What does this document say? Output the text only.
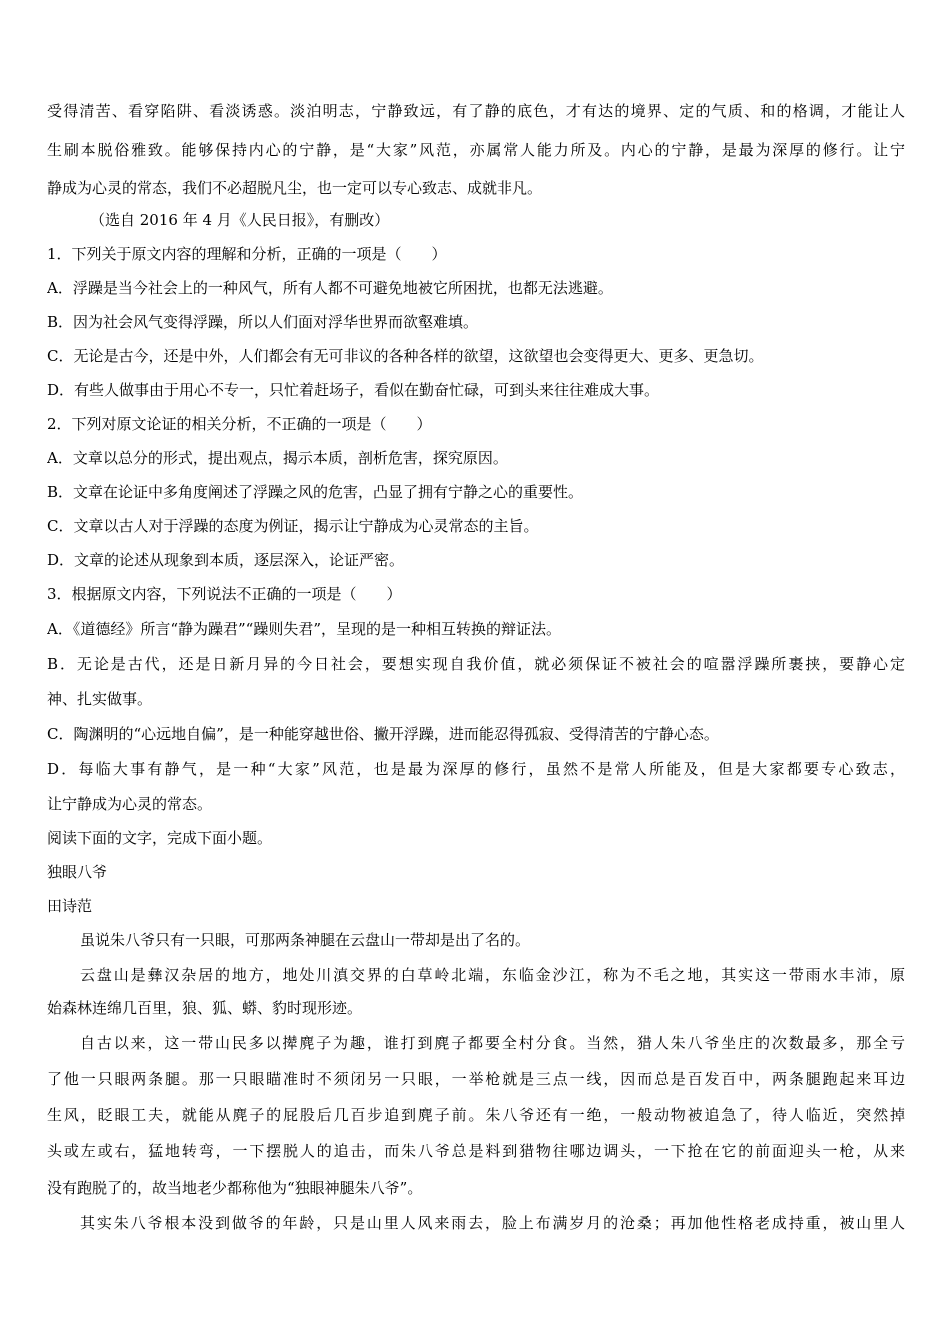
受得清苦、看穿陷阱、看淡诱惑。淡泊明志，宁静致远，有了静的底色，才有达的境界、定的气质、和的格调，才能让人
生刷本脱俗雅致。能够保持内心的宁静，是“大家”风范，亦属常人能力所及。内心的宁静，是最为深厚的修行。让宁
静成为心灵的常态，我们不必超脱凡尘，也一定可以专心致志、成就非凡。
（选自 2016 年 4 月《人民日报》，有删改）
1．下列关于原文内容的理解和分析，正确的一项是（　　）
A．浮躁是当今社会上的一种风气，所有人都不可避免地被它所困扰，也都无法逃避。
B．因为社会风气变得浮躁，所以人们面对浮华世界而欲壑难填。
C．无论是古今，还是中外，人们都会有无可非议的各种各样的欲望，这欲望也会变得更大、更多、更急切。
D．有些人做事由于用心不专一，只忙着赶场子，看似在勤奋忙碌，可到头来往往难成大事。
2．下列对原文论证的相关分析，不正确的一项是（　　）
A．文章以总分的形式，提出观点，揭示本质，剖析危害，探究原因。
B．文章在论证中多角度阐述了浮躁之风的危害，凸显了拥有宁静之心的重要性。
C．文章以古人对于浮躁的态度为例证，揭示让宁静成为心灵常态的主旨。
D．文章的论述从现象到本质，逐层深入，论证严密。
3．根据原文内容，下列说法不正确的一项是（　　）
A．《道德经》所言“静为躁君”“躁则失君”，呈现的是一种相互转换的辩证法。
B．无论是古代，还是日新月异的今日社会，要想实现自我价值，就必须保证不被社会的喧嚣浮躁所裹挟，要静心定
神、扎实做事。
C．陶渊明的“心远地自偏”，是一种能穿越世俗、撇开浮躁，进而能忍得孤寂、受得清苦的宁静心态。
D．每临大事有静气，是一种“大家”风范，也是最为深厚的修行，虽然不是常人所能及，但是大家都要专心致志，
让宁静成为心灵的常态。
阅读下面的文字，完成下面小题。
独眼八爷
田诗范
虽说朱八爷只有一只眼，可那两条神腿在云盘山一带却是出了名的。
云盘山是彝汉杂居的地方，地处川滇交界的白草岭北端，东临金沙江，称为不毛之地，其实这一带雨水丰沛，原
始森林连绵几百里，狼、狐、蟒、豹时现形迹。
自古以来，这一带山民多以撵麂子为趣，谁打到麂子都要全村分食。当然，猎人朱八爷坐庄的次数最多，那全亏
了他一只眼两条腿。那一只眼瞄准时不须闭另一只眼，一举枪就是三点一线，因而总是百发百中，两条腿跑起来耳边
生风，眨眼工夫，就能从麂子的屁股后几百步追到麂子前。朱八爷还有一绝，一般动物被追急了，待人临近，突然掉
头或左或右，猛地转弯，一下摆脱人的追击，而朱八爷总是料到猎物往哪边调头，一下抢在它的前面迎头一枪，从来
没有跑脱了的，故当地老少都称他为“独眼神腿朱八爷”。
其实朱八爷根本没到做爷的年龄，只是山里人风来雨去，脸上布满岁月的沧桑；再加他性格老成持重，被山里人
